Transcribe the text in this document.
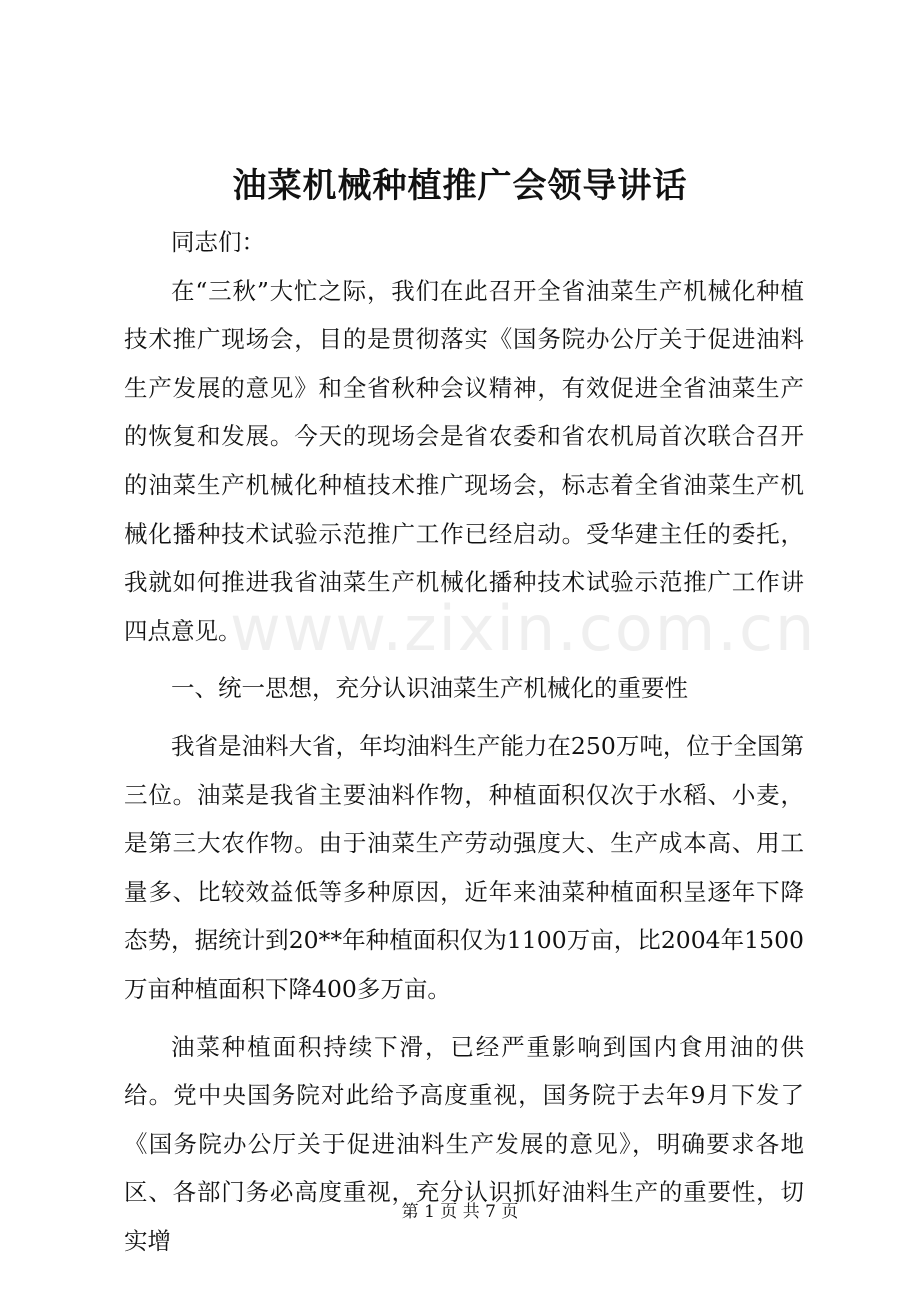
油菜机械种植推广会领导讲话

同志们：

在“三秋”大忙之际，我们在此召开全省油菜生产机械化种植技术推广现场会，目的是贯彻落实《国务院办公厅关于促进油料生产发展的意见》和全省秋种会议精神，有效促进全省油菜生产的恢复和发展。今天的现场会是省农委和省农机局首次联合召开的油菜生产机械化种植技术推广现场会，标志着全省油菜生产机械化播种技术试验示范推广工作已经启动。受华建主任的委托，我就如何推进我省油菜生产机械化播种技术试验示范推广工作讲四点意见。

一、统一思想，充分认识油菜生产机械化的重要性

我省是油料大省，年均油料生产能力在250万吨，位于全国第三位。油菜是我省主要油料作物，种植面积仅次于水稻、小麦，是第三大农作物。由于油菜生产劳动强度大、生产成本高、用工量多、比较效益低等多种原因，近年来油菜种植面积呈逐年下降态势，据统计到20**年种植面积仅为1100万亩，比2004年1500万亩种植面积下降400多万亩。

油菜种植面积持续下滑，已经严重影响到国内食用油的供给。党中央国务院对此给予高度重视，国务院于去年9月下发了《国务院办公厅关于促进油料生产发展的意见》，明确要求各地区、各部门务必高度重视，充分认识抓好油料生产的重要性，切实增

www.zixin.com.cn
第 1 页 共 7 页
